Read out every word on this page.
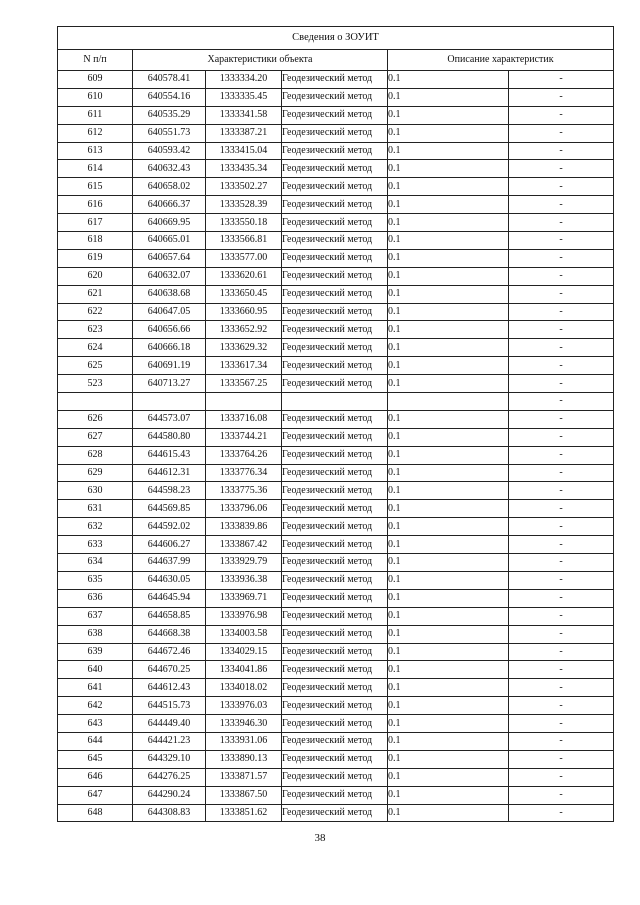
Сведения о ЗОУИТ					
N п/п	Характеристики объекта			Описание характеристик	
609	640578.41	1333334.20	Геодезический метод	0.1	-
610	640554.16	1333335.45	Геодезический метод	0.1	-
611	640535.29	1333341.58	Геодезический метод	0.1	-
612	640551.73	1333387.21	Геодезический метод	0.1	-
613	640593.42	1333415.04	Геодезический метод	0.1	-
614	640632.43	1333435.34	Геодезический метод	0.1	-
615	640658.02	1333502.27	Геодезический метод	0.1	-
616	640666.37	1333528.39	Геодезический метод	0.1	-
617	640669.95	1333550.18	Геодезический метод	0.1	-
618	640665.01	1333566.81	Геодезический метод	0.1	-
619	640657.64	1333577.00	Геодезический метод	0.1	-
620	640632.07	1333620.61	Геодезический метод	0.1	-
621	640638.68	1333650.45	Геодезический метод	0.1	-
622	640647.05	1333660.95	Геодезический метод	0.1	-
623	640656.66	1333652.92	Геодезический метод	0.1	-
624	640666.18	1333629.32	Геодезический метод	0.1	-
625	640691.19	1333617.34	Геодезический метод	0.1	-
523	640713.27	1333567.25	Геодезический метод	0.1	-
					-
626	644573.07	1333716.08	Геодезический метод	0.1	-
627	644580.80	1333744.21	Геодезический метод	0.1	-
628	644615.43	1333764.26	Геодезический метод	0.1	-
629	644612.31	1333776.34	Геодезический метод	0.1	-
630	644598.23	1333775.36	Геодезический метод	0.1	-
631	644569.85	1333796.06	Геодезический метод	0.1	-
632	644592.02	1333839.86	Геодезический метод	0.1	-
633	644606.27	1333867.42	Геодезический метод	0.1	-
634	644637.99	1333929.79	Геодезический метод	0.1	-
635	644630.05	1333936.38	Геодезический метод	0.1	-
636	644645.94	1333969.71	Геодезический метод	0.1	-
637	644658.85	1333976.98	Геодезический метод	0.1	-
638	644668.38	1334003.58	Геодезический метод	0.1	-
639	644672.46	1334029.15	Геодезический метод	0.1	-
640	644670.25	1334041.86	Геодезический метод	0.1	-
641	644612.43	1334018.02	Геодезический метод	0.1	-
642	644515.73	1333976.03	Геодезический метод	0.1	-
643	644449.40	1333946.30	Геодезический метод	0.1	-
644	644421.23	1333931.06	Геодезический метод	0.1	-
645	644329.10	1333890.13	Геодезический метод	0.1	-
646	644276.25	1333871.57	Геодезический метод	0.1	-
647	644290.24	1333867.50	Геодезический метод	0.1	-
648	644308.83	1333851.62	Геодезический метод	0.1	-
38
